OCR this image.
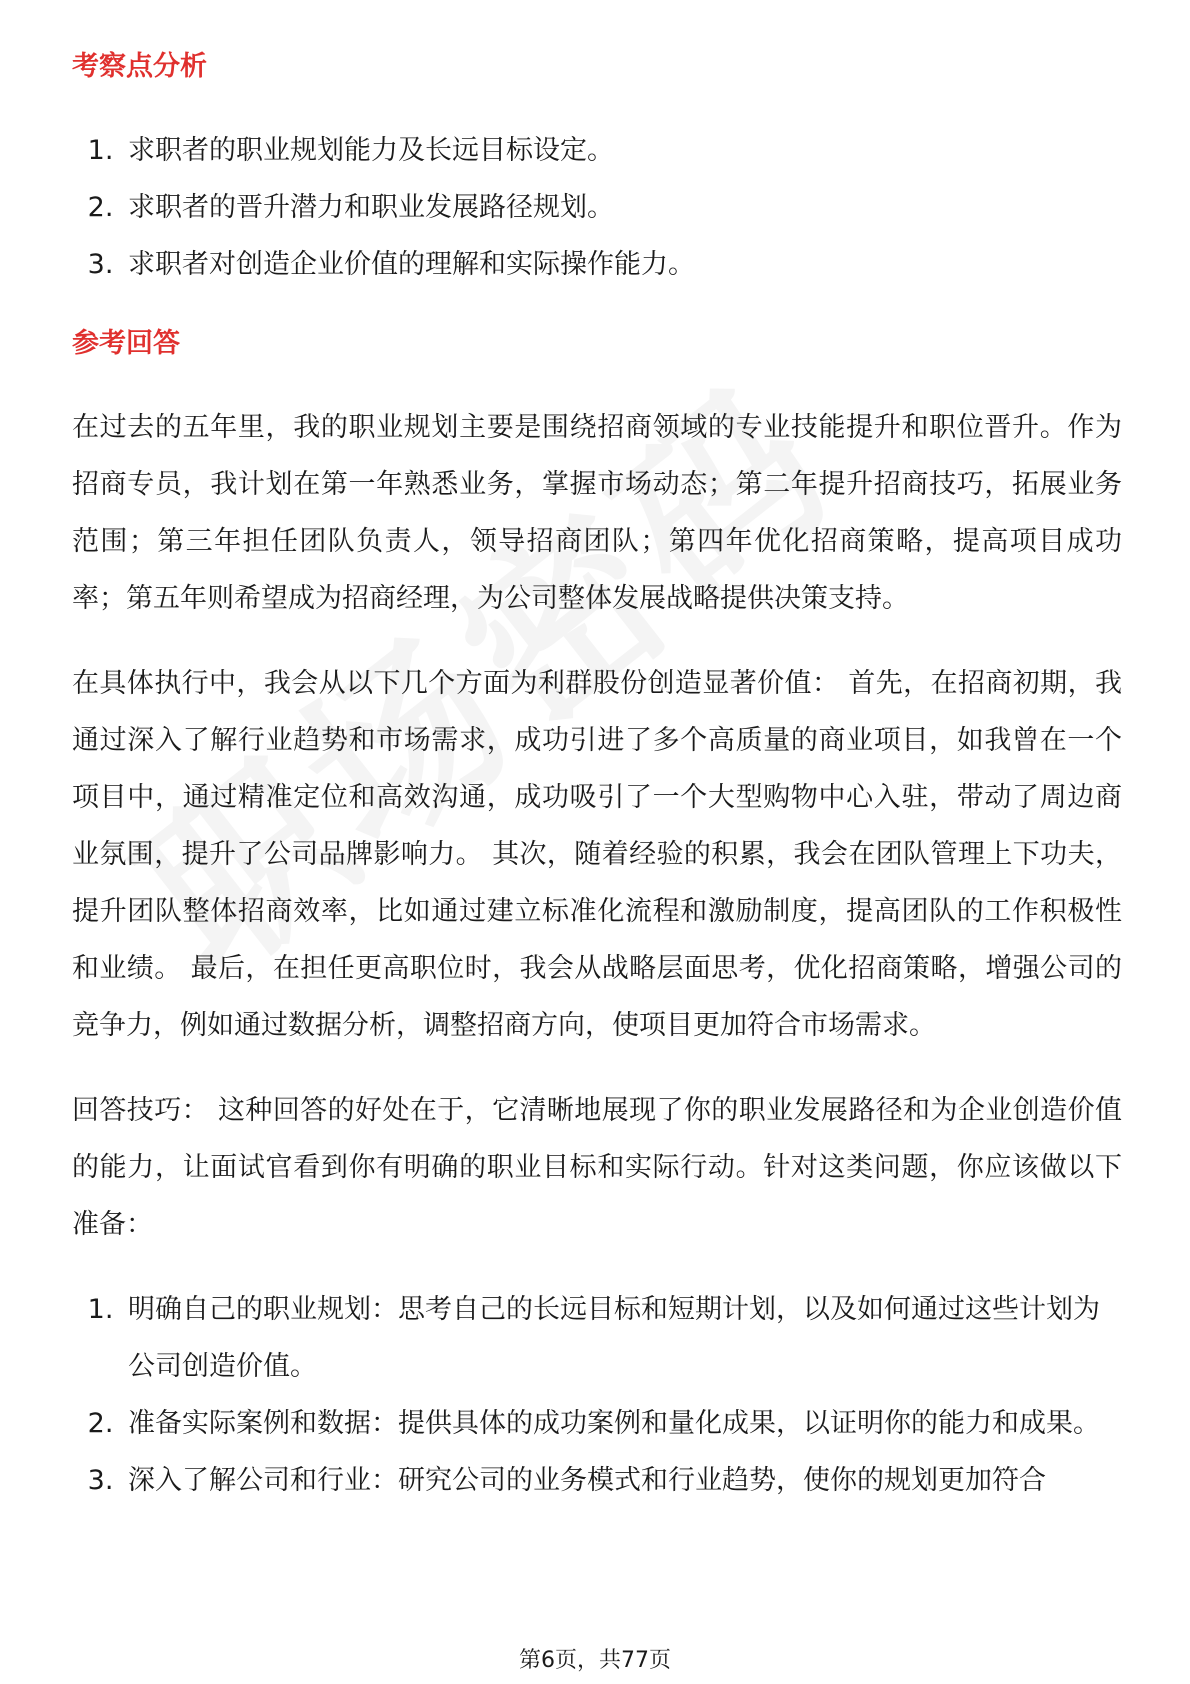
考察点分析
1. 求职者的职业规划能力及长远目标设定。
2. 求职者的晋升潜力和职业发展路径规划。
3. 求职者对创造企业价值的理解和实际操作能力。
参考回答

在过去的五年里，我的职业规划主要是围绕招商领域的专业技能提升和职位晋升。作为招商专员，我计划在第一年熟悉业务，掌握市场动态；第二年提升招商技巧，拓展业务范围；第三年担任团队负责人，领导招商团队；第四年优化招商策略，提高项目成功率；第五年则希望成为招商经理，为公司整体发展战略提供决策支持。

在具体执行中，我会从以下几个方面为利群股份创造显著价值： 首先，在招商初期，我通过深入了解行业趋势和市场需求，成功引进了多个高质量的商业项目，如我曾在一个项目中，通过精准定位和高效沟通，成功吸引了一个大型购物中心入驻，带动了周边商业氛围，提升了公司品牌影响力。 其次，随着经验的积累，我会在团队管理上下功夫，提升团队整体招商效率，比如通过建立标准化流程和激励制度，提高团队的工作积极性和业绩。 最后，在担任更高职位时，我会从战略层面思考，优化招商策略，增强公司的竞争力，例如通过数据分析，调整招商方向，使项目更加符合市场需求。

回答技巧： 这种回答的好处在于，它清晰地展现了你的职业发展路径和为企业创造价值的能力，让面试官看到你有明确的职业目标和实际行动。针对这类问题，你应该做以下准备：

1. 明确自己的职业规划：思考自己的长远目标和短期计划，以及如何通过这些计划为公司创造价值。
2. 准备实际案例和数据：提供具体的成功案例和量化成果，以证明你的能力和成果。
3. 深入了解公司和行业：研究公司的业务模式和行业趋势，使你的规划更加符合
第6页，共77页
